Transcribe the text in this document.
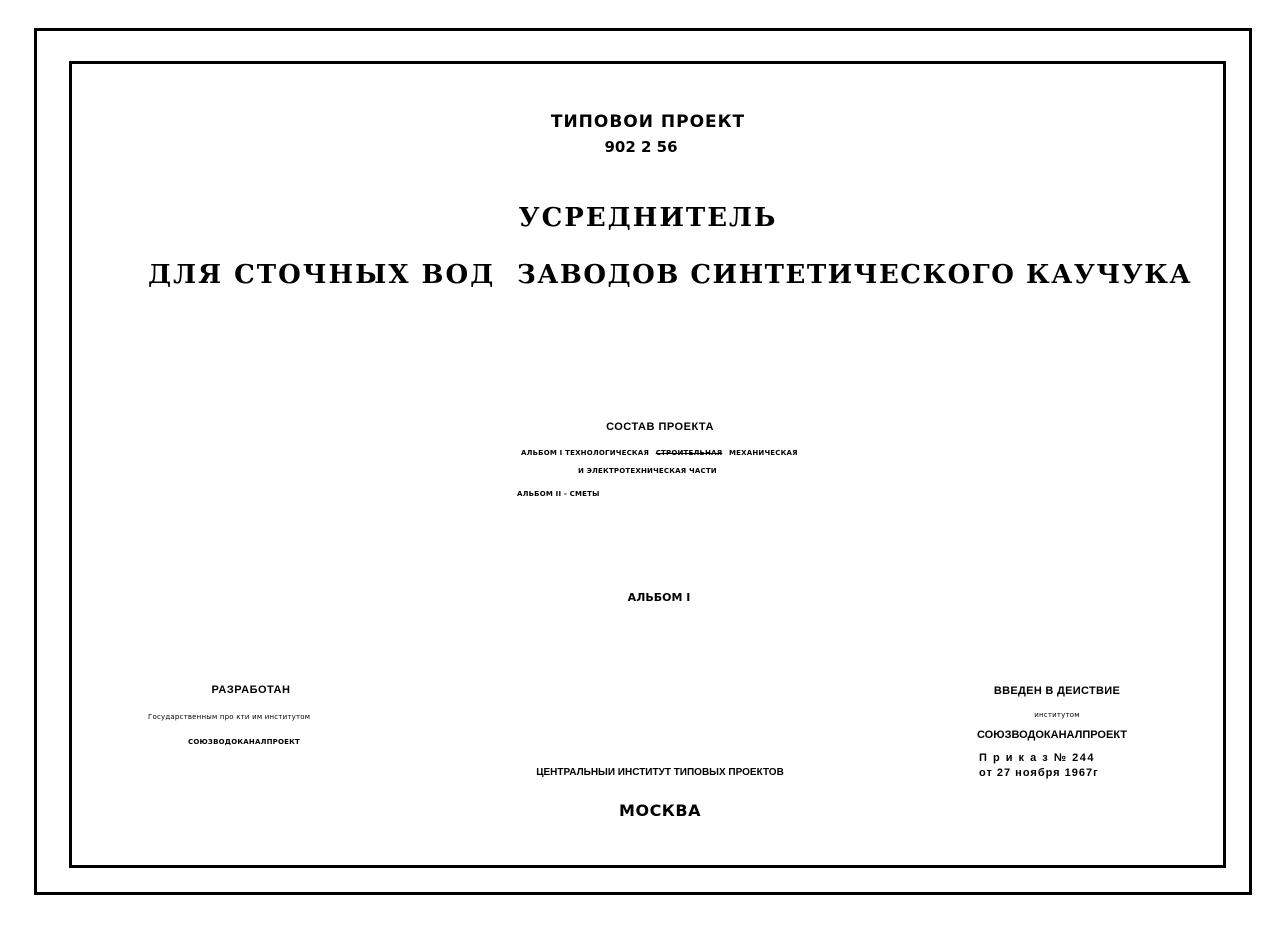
ТИПОВОИ ПРОЕКТ
902 2 56
УСРЕДНИТЕЛЬ
ДЛЯ СТОЧНЫХ ВОД ЗАВОДОВ СИНТЕТИЧЕСКОГО КАУЧУКА
СОСТАВ ПРОЕКТА
АЛЬБОМ I ТЕХНОЛОГИЧЕСКАЯ СТРОИТЕЛЬНАЯ МЕХАНИЧЕСКАЯ
И ЭЛЕКТРОТЕХНИЧЕСКАЯ ЧАСТИ
АЛЬБОМ II - СМЕТЫ
АЛЬБОМ I
РАЗРАБОТАН
Государственным про кти им институтом
СОЮЗВОДОКАНАЛПРОЕКТ
ВВЕДЕН В ДЕИСТВИЕ
институтом
СОЮЗВОДОКАНАЛПРОЕКТ
П р и к а з № 244
от 27 ноября 1967г
ЦЕНТРАЛЬНЫИ ИНСТИТУТ ТИПОВЫХ ПРОЕКТОВ
МОСКВА
